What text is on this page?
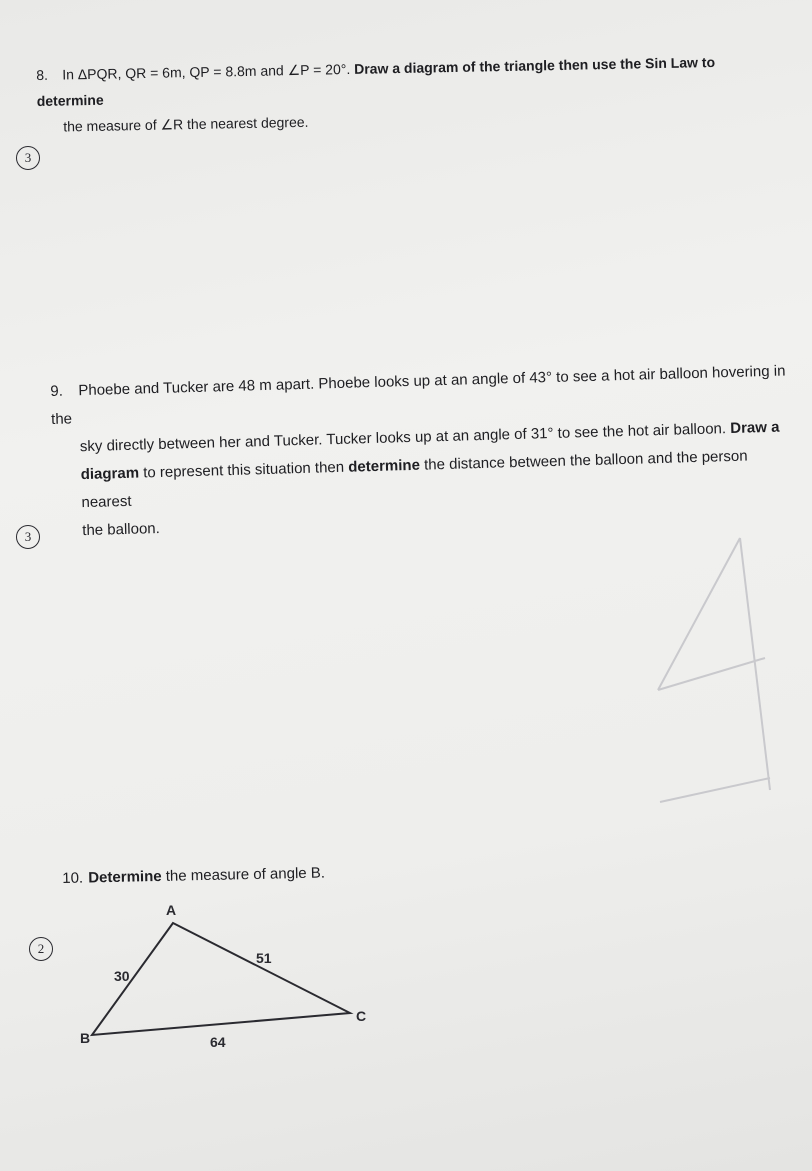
8. In ΔPQR, QR = 6m, QP = 8.8m and ∠P = 20°. Draw a diagram of the triangle then use the Sin Law to determine
the measure of ∠R the nearest degree.
3
9. Phoebe and Tucker are 48 m apart. Phoebe looks up at an angle of 43° to see a hot air balloon hovering in the
sky directly between her and Tucker. Tucker looks up at an angle of 31° to see the hot air balloon. Draw a
diagram to represent this situation then determine the distance between the balloon and the person nearest
the balloon.
3
10. Determine the measure of angle B.
2
A
B
C
30
51
64
